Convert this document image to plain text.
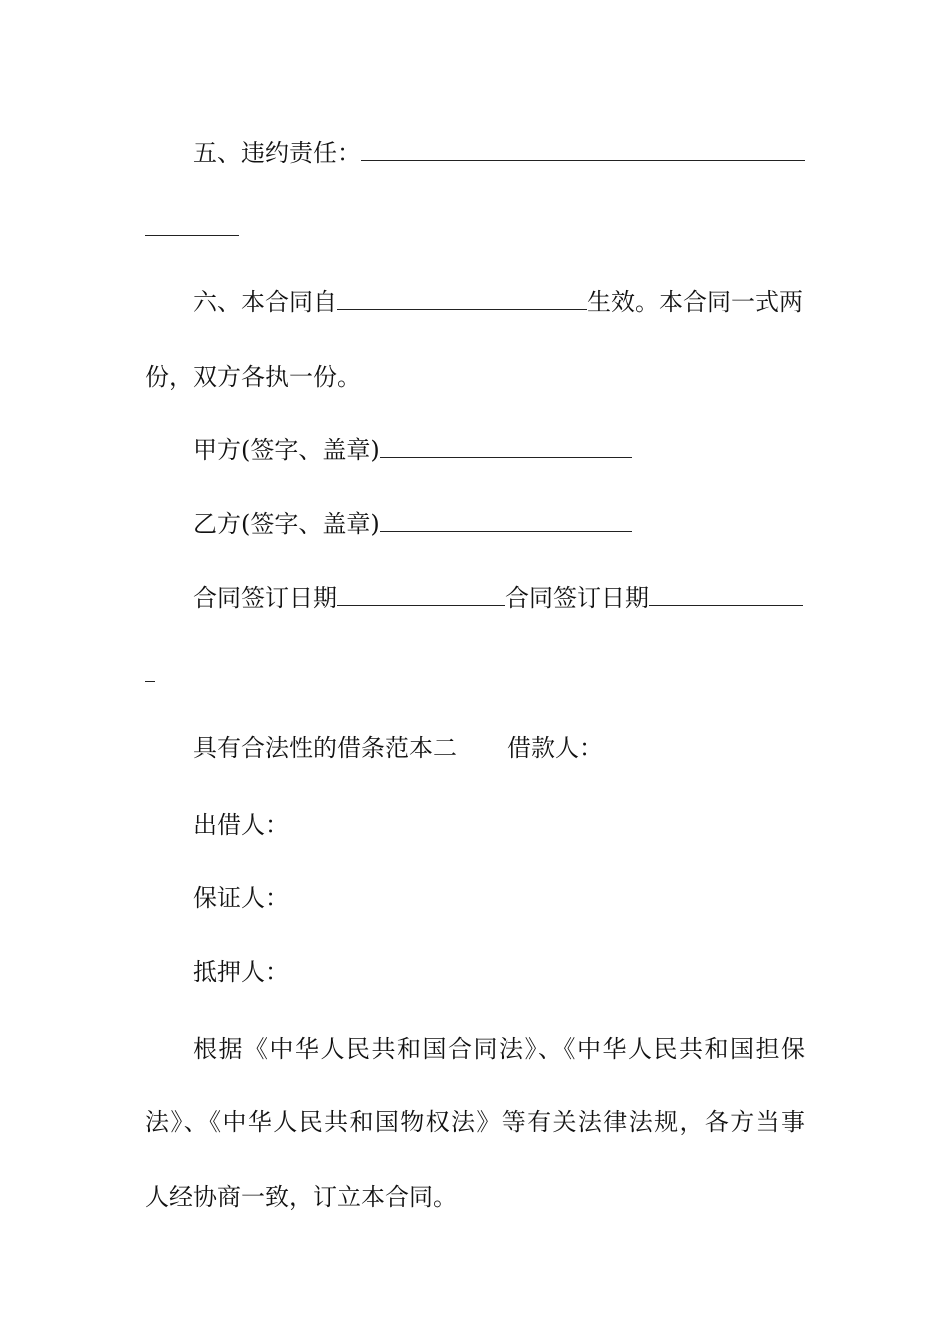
五、违约责任：
六、本合同自	生效。本合同一式两
份，双方各执一份。
甲方(签字、盖章)
乙方(签字、盖章)
合同签订日期	合同签订日期
具有合法性的借条范本二 借款人：
出借人：
保证人：
抵押人：
根据《中华人民共和国合同法》、《中华人民共和国担保
法》、《中华人民共和国物权法》等有关法律法规，各方当事
人经协商一致，订立本合同。
